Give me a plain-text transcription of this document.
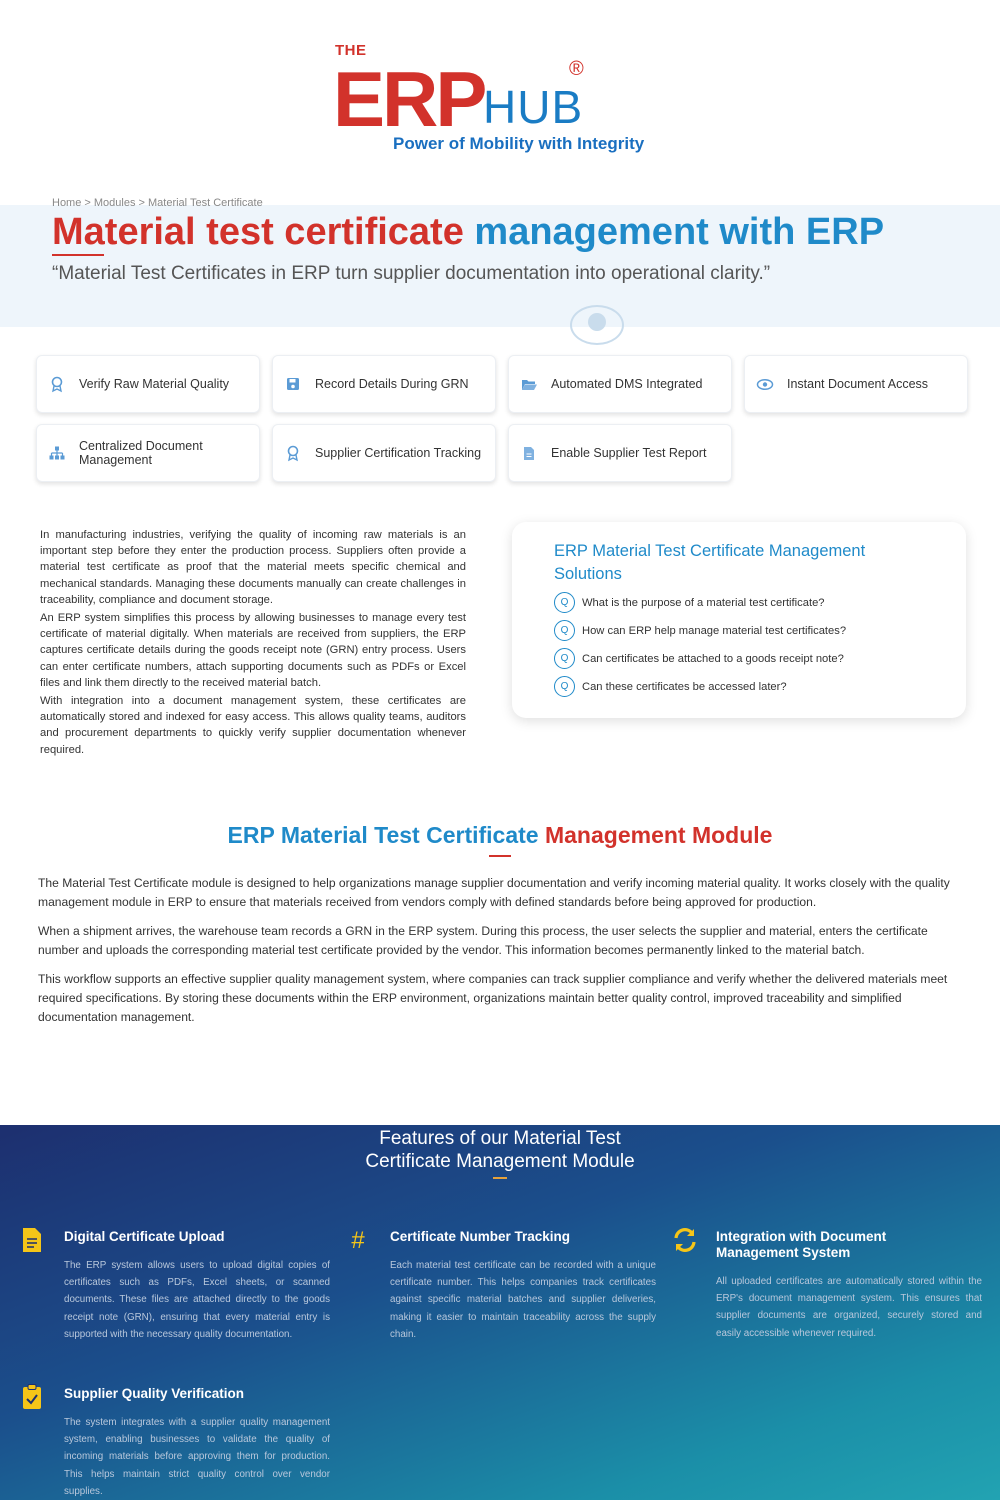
THE
ERP
HUB
®
Power of Mobility with Integrity
Home > Modules > Material Test Certificate
Material test certificate management with ERP
“Material Test Certificates in ERP turn supplier documentation into operational clarity.”
Verify Raw Material Quality	Record Details During GRN	Automated DMS Integrated	Instant Document Access
Centralized Document Management	Supplier Certification Tracking	Enable Supplier Test Report

In manufacturing industries, verifying the quality of incoming raw materials is an important step before they enter the production process. Suppliers often provide a material test certificate as proof that the material meets specific chemical and mechanical standards. Managing these documents manually can create challenges in traceability, compliance and document storage.

An ERP system simplifies this process by allowing businesses to manage every test certificate of material digitally. When materials are received from suppliers, the ERP captures certificate details during the goods receipt note (GRN) entry process. Users can enter certificate numbers, attach supporting documents such as PDFs or Excel files and link them directly to the received material batch.

With integration into a document management system, these certificates are automatically stored and indexed for easy access. This allows quality teams, auditors and procurement departments to quickly verify supplier documentation whenever required.

ERP Material Test Certificate Management Solutions
Q	What is the purpose of a material test certificate?
Q	How can ERP help manage material test certificates?
Q	Can certificates be attached to a goods receipt note?
Q	Can these certificates be accessed later?
ERP Material Test Certificate Management Module

The Material Test Certificate module is designed to help organizations manage supplier documentation and verify incoming material quality. It works closely with the quality management module in ERP to ensure that materials received from vendors comply with defined standards before being approved for production.

When a shipment arrives, the warehouse team records a GRN in the ERP system. During this process, the user selects the supplier and material, enters the certificate number and uploads the corresponding material test certificate provided by the vendor. This information becomes permanently linked to the material batch.

This workflow supports an effective supplier quality management system, where companies can track supplier compliance and verify whether the delivered materials meet required specifications. By storing these documents within the ERP environment, organizations maintain better quality control, improved traceability and simplified documentation management.

Features of our Material Test
Certificate Management Module
Digital Certificate Upload
The ERP system allows users to upload digital copies of certificates such as PDFs, Excel sheets, or scanned documents. These files are attached directly to the goods receipt note (GRN), ensuring that every material entry is supported with the necessary quality documentation.
#	Certificate Number Tracking
Each material test certificate can be recorded with a unique certificate number. This helps companies track certificates against specific material batches and supplier deliveries, making it easier to maintain traceability across the supply chain.
Integration with Document Management System
All uploaded certificates are automatically stored within the ERP's document management system. This ensures that supplier documents are organized, securely stored and easily accessible whenever required.
Supplier Quality Verification
The system integrates with a supplier quality management system, enabling businesses to validate the quality of incoming materials before approving them for production. This helps maintain strict quality control over vendor supplies.
